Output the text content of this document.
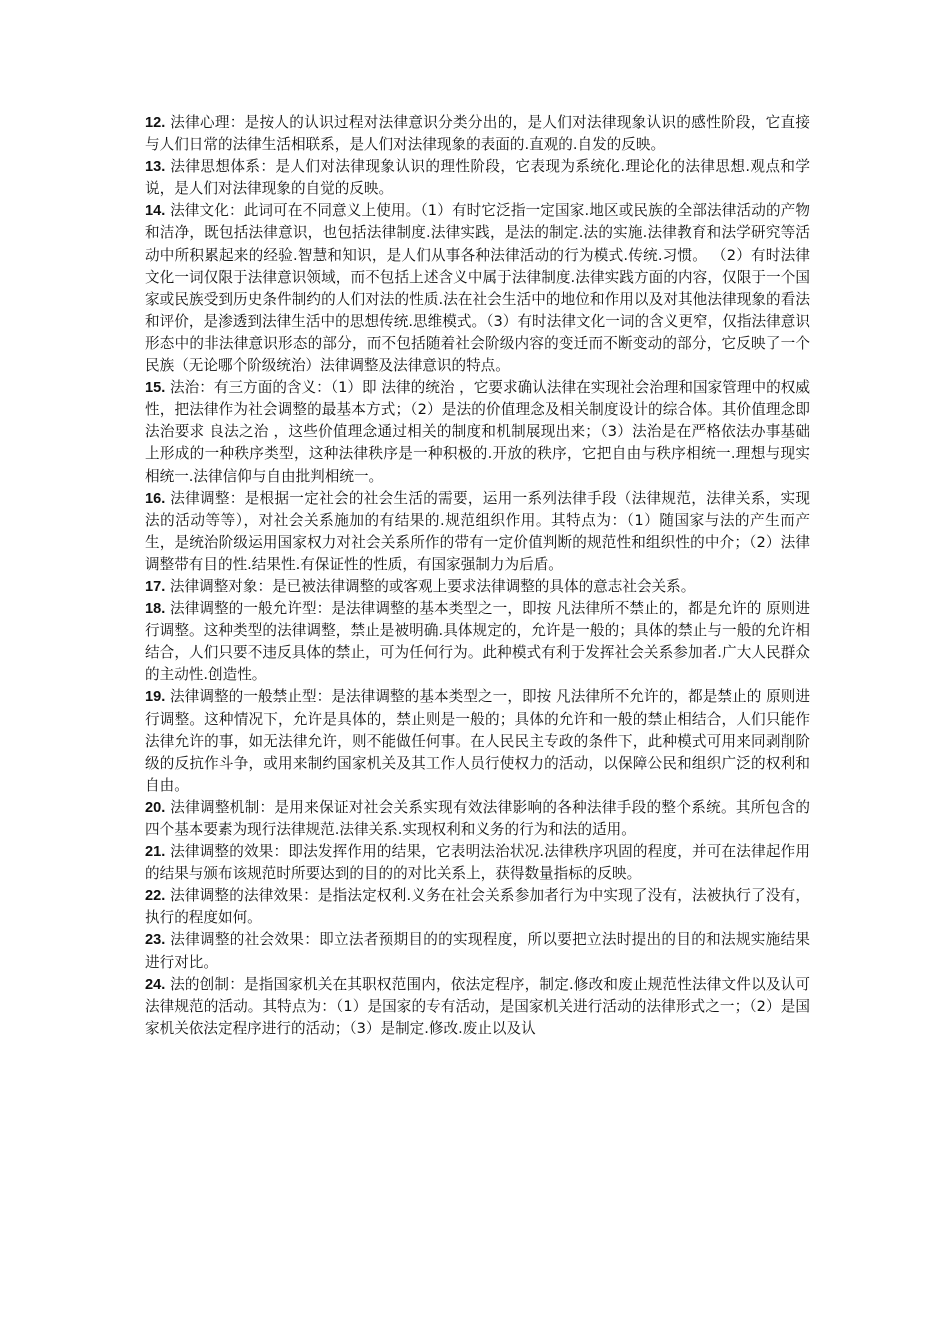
12. 法律心理：是按人的认识过程对法律意识分类分出的，是人们对法律现象认识的感性阶段，它直接与人们日常的法律生活相联系，是人们对法律现象的表面的.直观的.自发的反映。

13. 法律思想体系：是人们对法律现象认识的理性阶段，它表现为系统化.理论化的法律思想.观点和学说，是人们对法律现象的自觉的反映。

14. 法律文化：此词可在不同意义上使用。（1）有时它泛指一定国家.地区或民族的全部法律活动的产物和洁净，既包括法律意识，也包括法律制度.法律实践，是法的制定.法的实施.法律教育和法学研究等活动中所积累起来的经验.智慧和知识，是人们从事各种法律活动的行为模式.传统.习惯。 （2）有时法律文化一词仅限于法律意识领域，而不包括上述含义中属于法律制度.法律实践方面的内容，仅限于一个国家或民族受到历史条件制约的人们对法的性质.法在社会生活中的地位和作用以及对其他法律现象的看法和评价，是渗透到法律生活中的思想传统.思维模式。（3）有时法律文化一词的含义更窄，仅指法律意识形态中的非法律意识形态的部分，而不包括随着社会阶级内容的变迁而不断变动的部分，它反映了一个民族（无论哪个阶级统治）法律调整及法律意识的特点。

15. 法治：有三方面的含义：（1）即 法律的统治 ，它要求确认法律在实现社会治理和国家管理中的权威性，把法律作为社会调整的最基本方式；（2）是法的价值理念及相关制度设计的综合体。其价值理念即法治要求 良法之治 ，这些价值理念通过相关的制度和机制展现出来；（3）法治是在严格依法办事基础上形成的一种秩序类型，这种法律秩序是一种积极的.开放的秩序，它把自由与秩序相统一.理想与现实相统一.法律信仰与自由批判相统一。

16. 法律调整：是根据一定社会的社会生活的需要，运用一系列法律手段（法律规范，法律关系，实现法的活动等等），对社会关系施加的有结果的.规范组织作用。其特点为：（1）随国家与法的产生而产生，是统治阶级运用国家权力对社会关系所作的带有一定价值判断的规范性和组织性的中介；（2）法律调整带有目的性.结果性.有保证性的性质，有国家强制力为后盾。

17. 法律调整对象：是已被法律调整的或客观上要求法律调整的具体的意志社会关系。

18. 法律调整的一般允许型：是法律调整的基本类型之一，即按 凡法律所不禁止的，都是允许的 原则进行调整。这种类型的法律调整，禁止是被明确.具体规定的，允许是一般的；具体的禁止与一般的允许相结合，人们只要不违反具体的禁止，可为任何行为。此种模式有利于发挥社会关系参加者.广大人民群众的主动性.创造性。

19. 法律调整的一般禁止型：是法律调整的基本类型之一，即按 凡法律所不允许的，都是禁止的 原则进行调整。这种情况下，允许是具体的，禁止则是一般的；具体的允许和一般的禁止相结合，人们只能作法律允许的事，如无法律允许，则不能做任何事。在人民民主专政的条件下，此种模式可用来同剥削阶级的反抗作斗争，或用来制约国家机关及其工作人员行使权力的活动，以保障公民和组织广泛的权利和自由。

20. 法律调整机制：是用来保证对社会关系实现有效法律影响的各种法律手段的整个系统。其所包含的四个基本要素为现行法律规范.法律关系.实现权利和义务的行为和法的适用。

21. 法律调整的效果：即法发挥作用的结果，它表明法治状况.法律秩序巩固的程度，并可在法律起作用的结果与颁布该规范时所要达到的目的的对比关系上，获得数量指标的反映。

22. 法律调整的法律效果：是指法定权利.义务在社会关系参加者行为中实现了没有，法被执行了没有，执行的程度如何。

23. 法律调整的社会效果：即立法者预期目的的实现程度，所以要把立法时提出的目的和法规实施结果进行对比。

24. 法的创制：是指国家机关在其职权范围内，依法定程序，制定.修改和废止规范性法律文件以及认可法律规范的活动。其特点为：（1）是国家的专有活动，是国家机关进行活动的法律形式之一；（2）是国家机关依法定程序进行的活动；（3）是制定.修改.废止以及认
